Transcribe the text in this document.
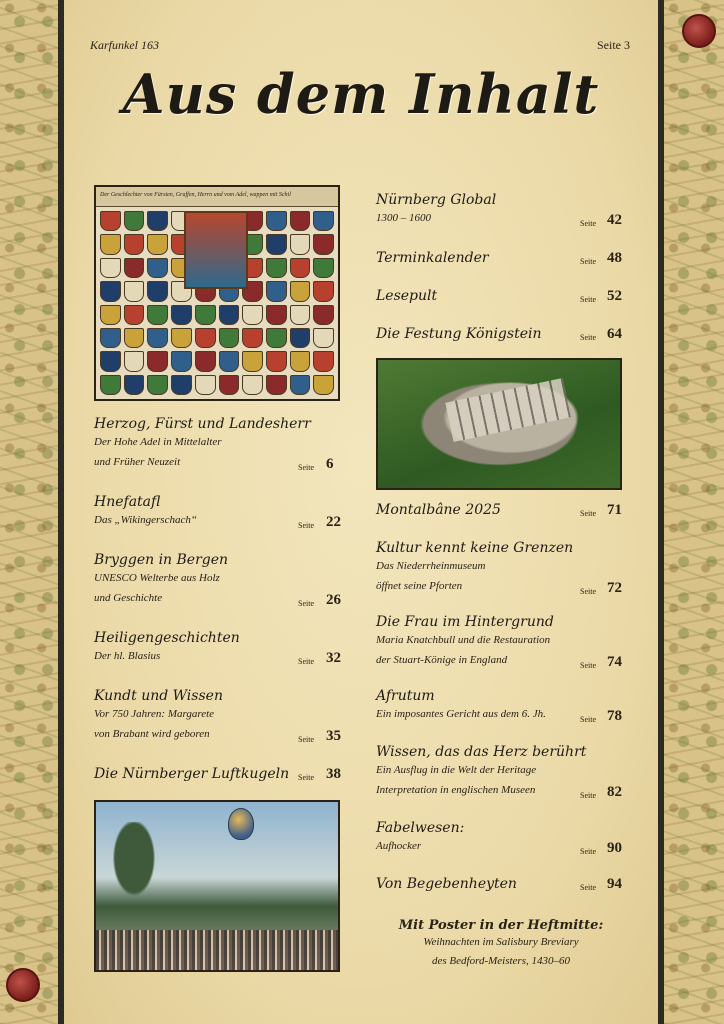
Karfunkel 163	Seite 3
Aus dem Inhalt
Der Geschlechter von Fürsten, Graffen, Herrn und vom Adel, wappen mit Schil
Herzog, Fürst und Landesherr
Der Hohe Adel in Mittelalter
und Früher Neuzeit	Seite 6
Hnefatafl
Das „Wikingerschach“	Seite 22
Bryggen in Bergen
UNESCO Welterbe aus Holz
und Geschichte	Seite 26
Heiligengeschichten
Der hl. Blasius	Seite 32
Kundt und Wissen
Vor 750 Jahren: Margarete
von Brabant wird geboren	Seite 35
Die Nürnberger Luftkugeln	Seite 38
Nürnberg Global
1300 – 1600	Seite 42
Terminkalender	Seite 48
Lesepult	Seite 52
Die Festung Königstein	Seite 64
Montalbâne 2025	Seite 71
Kultur kennt keine Grenzen
Das Niederrheinmuseum
öffnet seine Pforten	Seite 72
Die Frau im Hintergrund
Maria Knatchbull und die Restauration
der Stuart-Könige in England	Seite 74
Afrutum
Ein imposantes Gericht aus dem 6. Jh.	Seite 78
Wissen, das das Herz berührt
Ein Ausflug in die Welt der Heritage
Interpretation in englischen Museen	Seite 82
Fabelwesen:
Aufhocker	Seite 90
Von Begebenheyten	Seite 94
Mit Poster in der Heftmitte:
Weihnachten im Salisbury Breviary
des Bedford-Meisters, 1430–60
